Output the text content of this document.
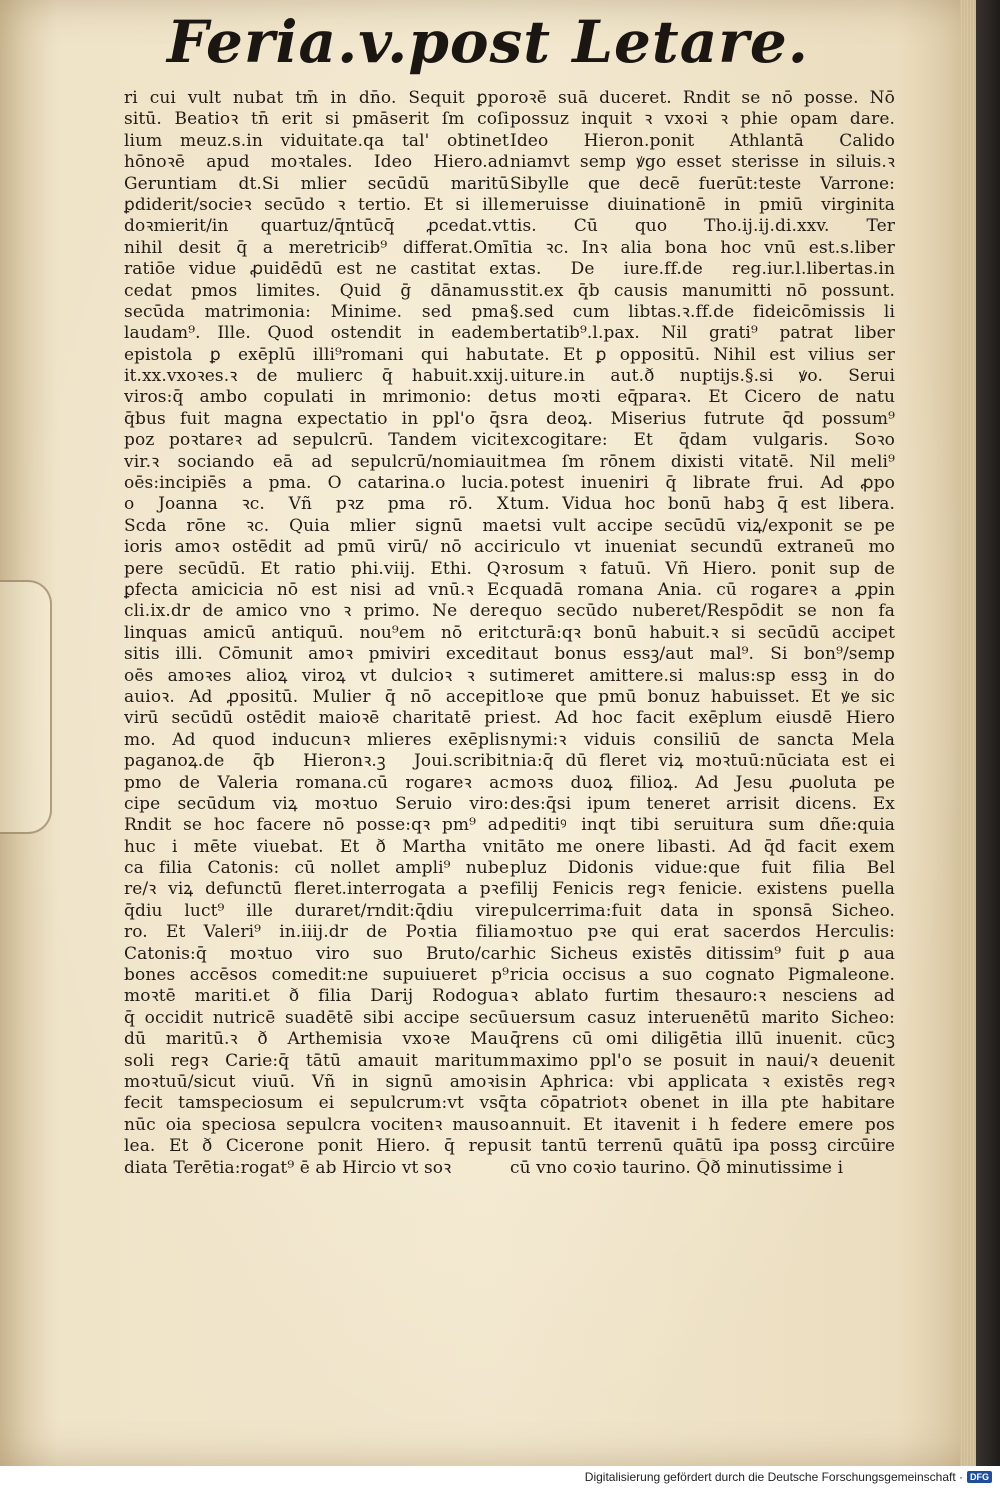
Feria.v.post Letare.
ri cui vult nubat tm̄ in dn̄o. Sequit ꝑpo
sitū. Beatioꝛ tn̄ erit si pmāserit ſm coſi
lium meuz.s.in viduitate.qa tal' obtinet
hōnoꝛē apud moꝛtales. Ideo Hiero.ad
Geruntiam dt.Si mlier secūdū maritū
ꝑdiderit/socieꝛ secūdo ꝛ tertio. Et si ille
doꝛmierit/in quartuz/q̄ntūcq̄ ꝓcedat.vt
nihil desit q̄ a meretricib⁹ differat.Omī
ratiōe vidue ꝓuidēdū est ne castitat ex
cedat pmos limites. Quid ḡ dānamus
secūda matrimonia: Minime. sed pma
laudam⁹. Ille. Quod ostendit in eadem
epistola ꝑ exēplū illi⁹romani qui habu
it.xx.vxoꝛes.ꝛ de mulierc q̄ habuit.xxij.
viros:q̄ ambo copulati in mrimonio: de
q̄bus fuit magna expectatio in ppl'o q̄s
poz poꝛtareꝛ ad sepulcrū. Tandem vicit
vir.ꝛ sociando eā ad sepulcrū/nomiauit
oēs:incipiēs a pma. O catarina.o lucia.
o Joanna ꝛc. Vñ pꝛz pma rō. X
Scda rōne ꝛc. Quia mlier signū ma
ioris amoꝛ ostēdit ad pmū virū/ nō acci
pere secūdū. Et ratio phi.viij. Ethi. Qꝛ
ꝑfecta amicicia nō est nisi ad vnū.ꝛ Ec
cli.ix.dr de amico vno ꝛ primo. Ne dere
linquas amicū antiquū. nou⁹em nō erit
sitis illi. Cōmunit amoꝛ pmiviri excedit
oēs amoꝛes alioꝝ viroꝝ vt dulcioꝛ ꝛ su
auioꝛ. Ad ꝓpositū. Mulier q̄ nō accepit
virū secūdū ostēdit maioꝛē charitatē pri
mo. Ad quod inducunꝛ mlieres exēplis
paganoꝝ.de q̄b Hieronꝛ.ꝫ Joui.scribit
pmo de Valeria romana.cū rogareꝛ ac
cipe secūdum viꝝ moꝛtuo Seruio viro:
Rndit se hoc facere nō posse:qꝛ pm⁹ ad
huc i mēte viuebat. Et ð Martha vni
ca filia Catonis: cū nollet ampli⁹ nube
re/ꝛ viꝝ defunctū fleret.interrogata a pꝛe
q̄diu luct⁹ ille duraret/rndit:q̄diu vire
ro. Et Valeri⁹ in.iiij.dr de Poꝛtia filia
Catonis:q̄ moꝛtuo viro suo Bruto/car
bones accēsos comedit:ne supuiueret p⁹
moꝛtē mariti.et ð filia Darij Rodogua
q̄ occidit nutricē suadētē sibi accipe secū
dū maritū.ꝛ ð Arthemisia vxoꝛe Mau
soli regꝛ Carie:q̄ tātū amauit maritum
moꝛtuū/sicut viuū. Vñ in signū amoꝛis
fecit tamspeciosum ei sepulcrum:vt vsq̄
nūc oia speciosa sepulcra vocitenꝛ mauso
lea. Et ð Cicerone ponit Hiero. q̄ repu
diata Terētia:rogat⁹ ē ab Hircio vt soꝛ
roꝛē suā duceret. Rndit se nō posse. Nō
possuz inquit ꝛ vxoꝛi ꝛ phie opam dare.
Ideo Hieron.ponit Athlantā Calido
niamvt semp ꝟgo esset sterisse in siluis.ꝛ
Sibylle que decē fuerūt:teste Varrone:
meruisse diuinationē in pmiū virginita
tis. Cū quo Tho.ij.ij.di.xxv. Ter
tia ꝛc. Inꝛ alia bona hoc vnū est.s.liber
tas. De iure.ff.de reg.iur.l.libertas.in
stit.ex q̄b causis manumitti nō possunt.
§.sed cum libtas.ꝛ.ff.de fideicōmissis li
bertatib⁹.l.pax. Nil grati⁹ patrat liber
tate. Et ꝑ oppositū. Nihil est vilius ser
uiture.in aut.ð nuptijs.§.si ꝟo. Serui
tus moꝛti eq̄paraꝛ. Et Cicero de natu
ra deoꝝ. Miserius futrute q̄d possum⁹
excogitare: Et q̄dam vulgaris. Soꝛo
mea ſm rōnem dixisti vitatē. Nil meli⁹
potest inueniri q̄ librate frui. Ad ꝓpo
tum. Vidua hoc bonū habꝫ q̄ est libera.
etsi vult accipe secūdū viꝝ/exponit se pe
riculo vt inueniat secundū extraneū mo
rosum ꝛ fatuū. Vñ Hiero. ponit sup de
quadā romana Ania. cū rogareꝛ a ꝓpin
quo secūdo nuberet/Respōdit se non fa
cturā:qꝛ bonū habuit.ꝛ si secūdū accipet
aut bonus essꝫ/aut mal⁹. Si bon⁹/semp
timeret amittere.si malus:sp essꝫ in do
loꝛe que pmū bonuz habuisset. Et ꝟe sic
est. Ad hoc facit exēplum eiusdē Hiero
nymi:ꝛ viduis consiliū de sancta Mela
nia:q̄ dū fleret viꝝ moꝛtuū:nūciata est ei
moꝛs duoꝝ filioꝝ. Ad Jesu ꝓuoluta pe
des:q̄si ipum teneret arrisit dicens. Ex
peditiꝰ inqt tibi seruitura sum dñe:quia
tāto me onere libasti. Ad q̄d facit exem
pluz Didonis vidue:que fuit filia Bel
filij Fenicis regꝛ fenicie. existens puella
pulcerrima:fuit data in sponsā Sicheo.
moꝛtuo pꝛe qui erat sacerdos Herculis:
hic Sicheus existēs ditissim⁹ fuit ꝑ aua
ricia occisus a suo cognato Pigmaleone.
ꝛ ablato furtim thesauro:ꝛ nesciens ad
uersum casuz interuenētū marito Sicheo:
q̄rens cū omi diligētia illū inuenit. cūcꝫ
maximo ppl'o se posuit in naui/ꝛ deuenit
in Aphrica: vbi applicata ꝛ existēs regꝛ
ta cōpatriotꝛ obenet in illa pte habitare
annuit. Et itavenit i h̄ federe emere pos
sit tantū terrenū quātū ipa possꝫ circūire
cū vno coꝛio taurino. Q̄ð minutissime i
Digitalisierung gefördert durch die Deutsche Forschungsgemeinschaft · DFG
